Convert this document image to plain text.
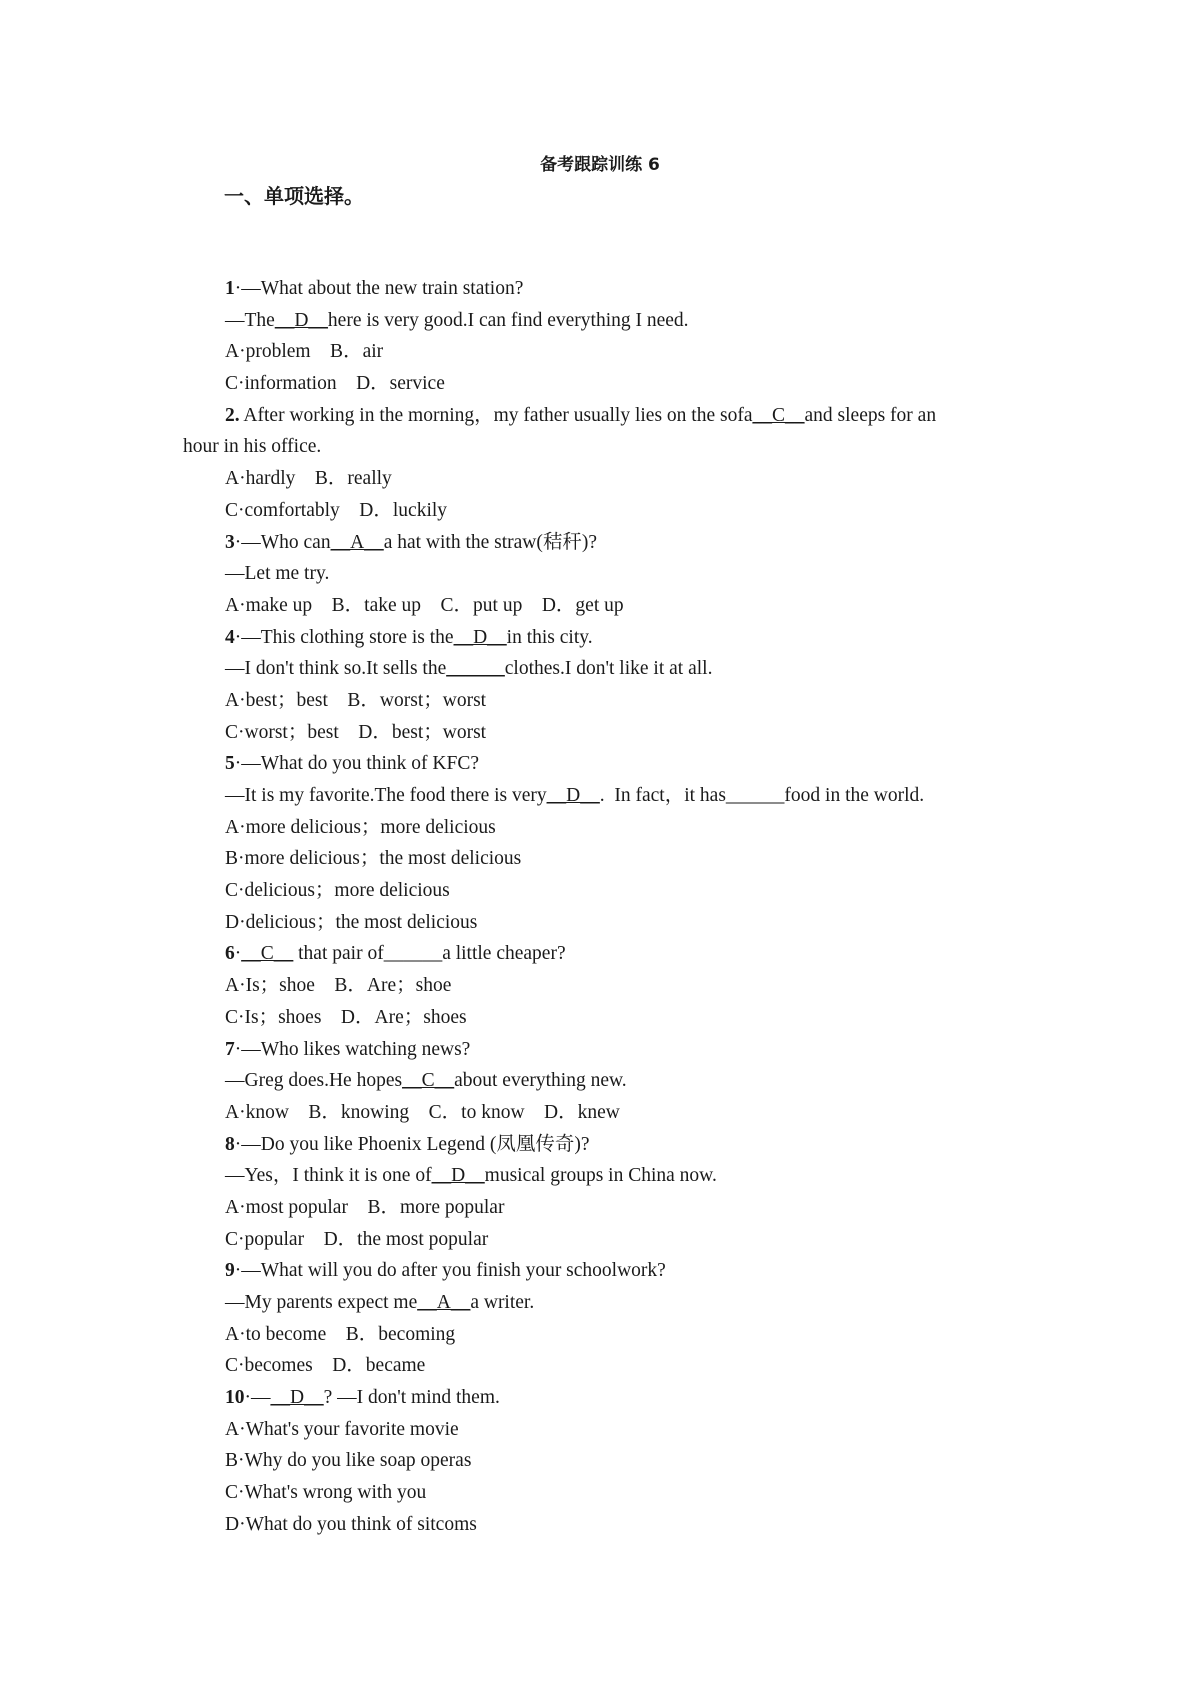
备考跟踪训练 6
一、单项选择。
1·—What about the new train station?
—The__D__here is very good.I can find everything I need.
A·problem　B．air
C·information　D．service
2. After working in the morning，my father usually lies on the sofa__C__and sleeps for an
hour in his office.
A·hardly　B．really
C·comfortably　D．luckily
3·—Who can__A__a hat with the straw(秸秆)?
—Let me try.
A·make up　B．take up　C．put up　D．get up
4·—This clothing store is the__D__in this city.
—I don't think so.It sells the______clothes.I don't like it at all.
A·best；best　B．worst；worst
C·worst；best　D．best；worst
5·—What do you think of KFC?
—It is my favorite.The food there is very__D__.  In fact，it has______food in the world.
A·more delicious；more delicious
B·more delicious；the most delicious
C·delicious；more delicious
D·delicious；the most delicious
6·__C__ that pair of______a little cheaper?
A·Is；shoe　B．Are；shoe
C·Is；shoes　D．Are；shoes
7·—Who likes watching news?
—Greg does.He hopes__C__about everything new.
A·know　B．knowing　C．to know　D．knew
8·—Do you like Phoenix Legend (凤凰传奇)?
—Yes，I think it is one of__D__musical groups in China now.
A·most popular　B．more popular
C·popular　D．the most popular
9·—What will you do after you finish your schoolwork?
—My parents expect me__A__a writer.
A·to become　B．becoming
C·becomes　D．became
10·—__D__? —I don't mind them.
A·What's your favorite movie
B·Why do you like soap operas
C·What's wrong with you
D·What do you think of sitcoms
